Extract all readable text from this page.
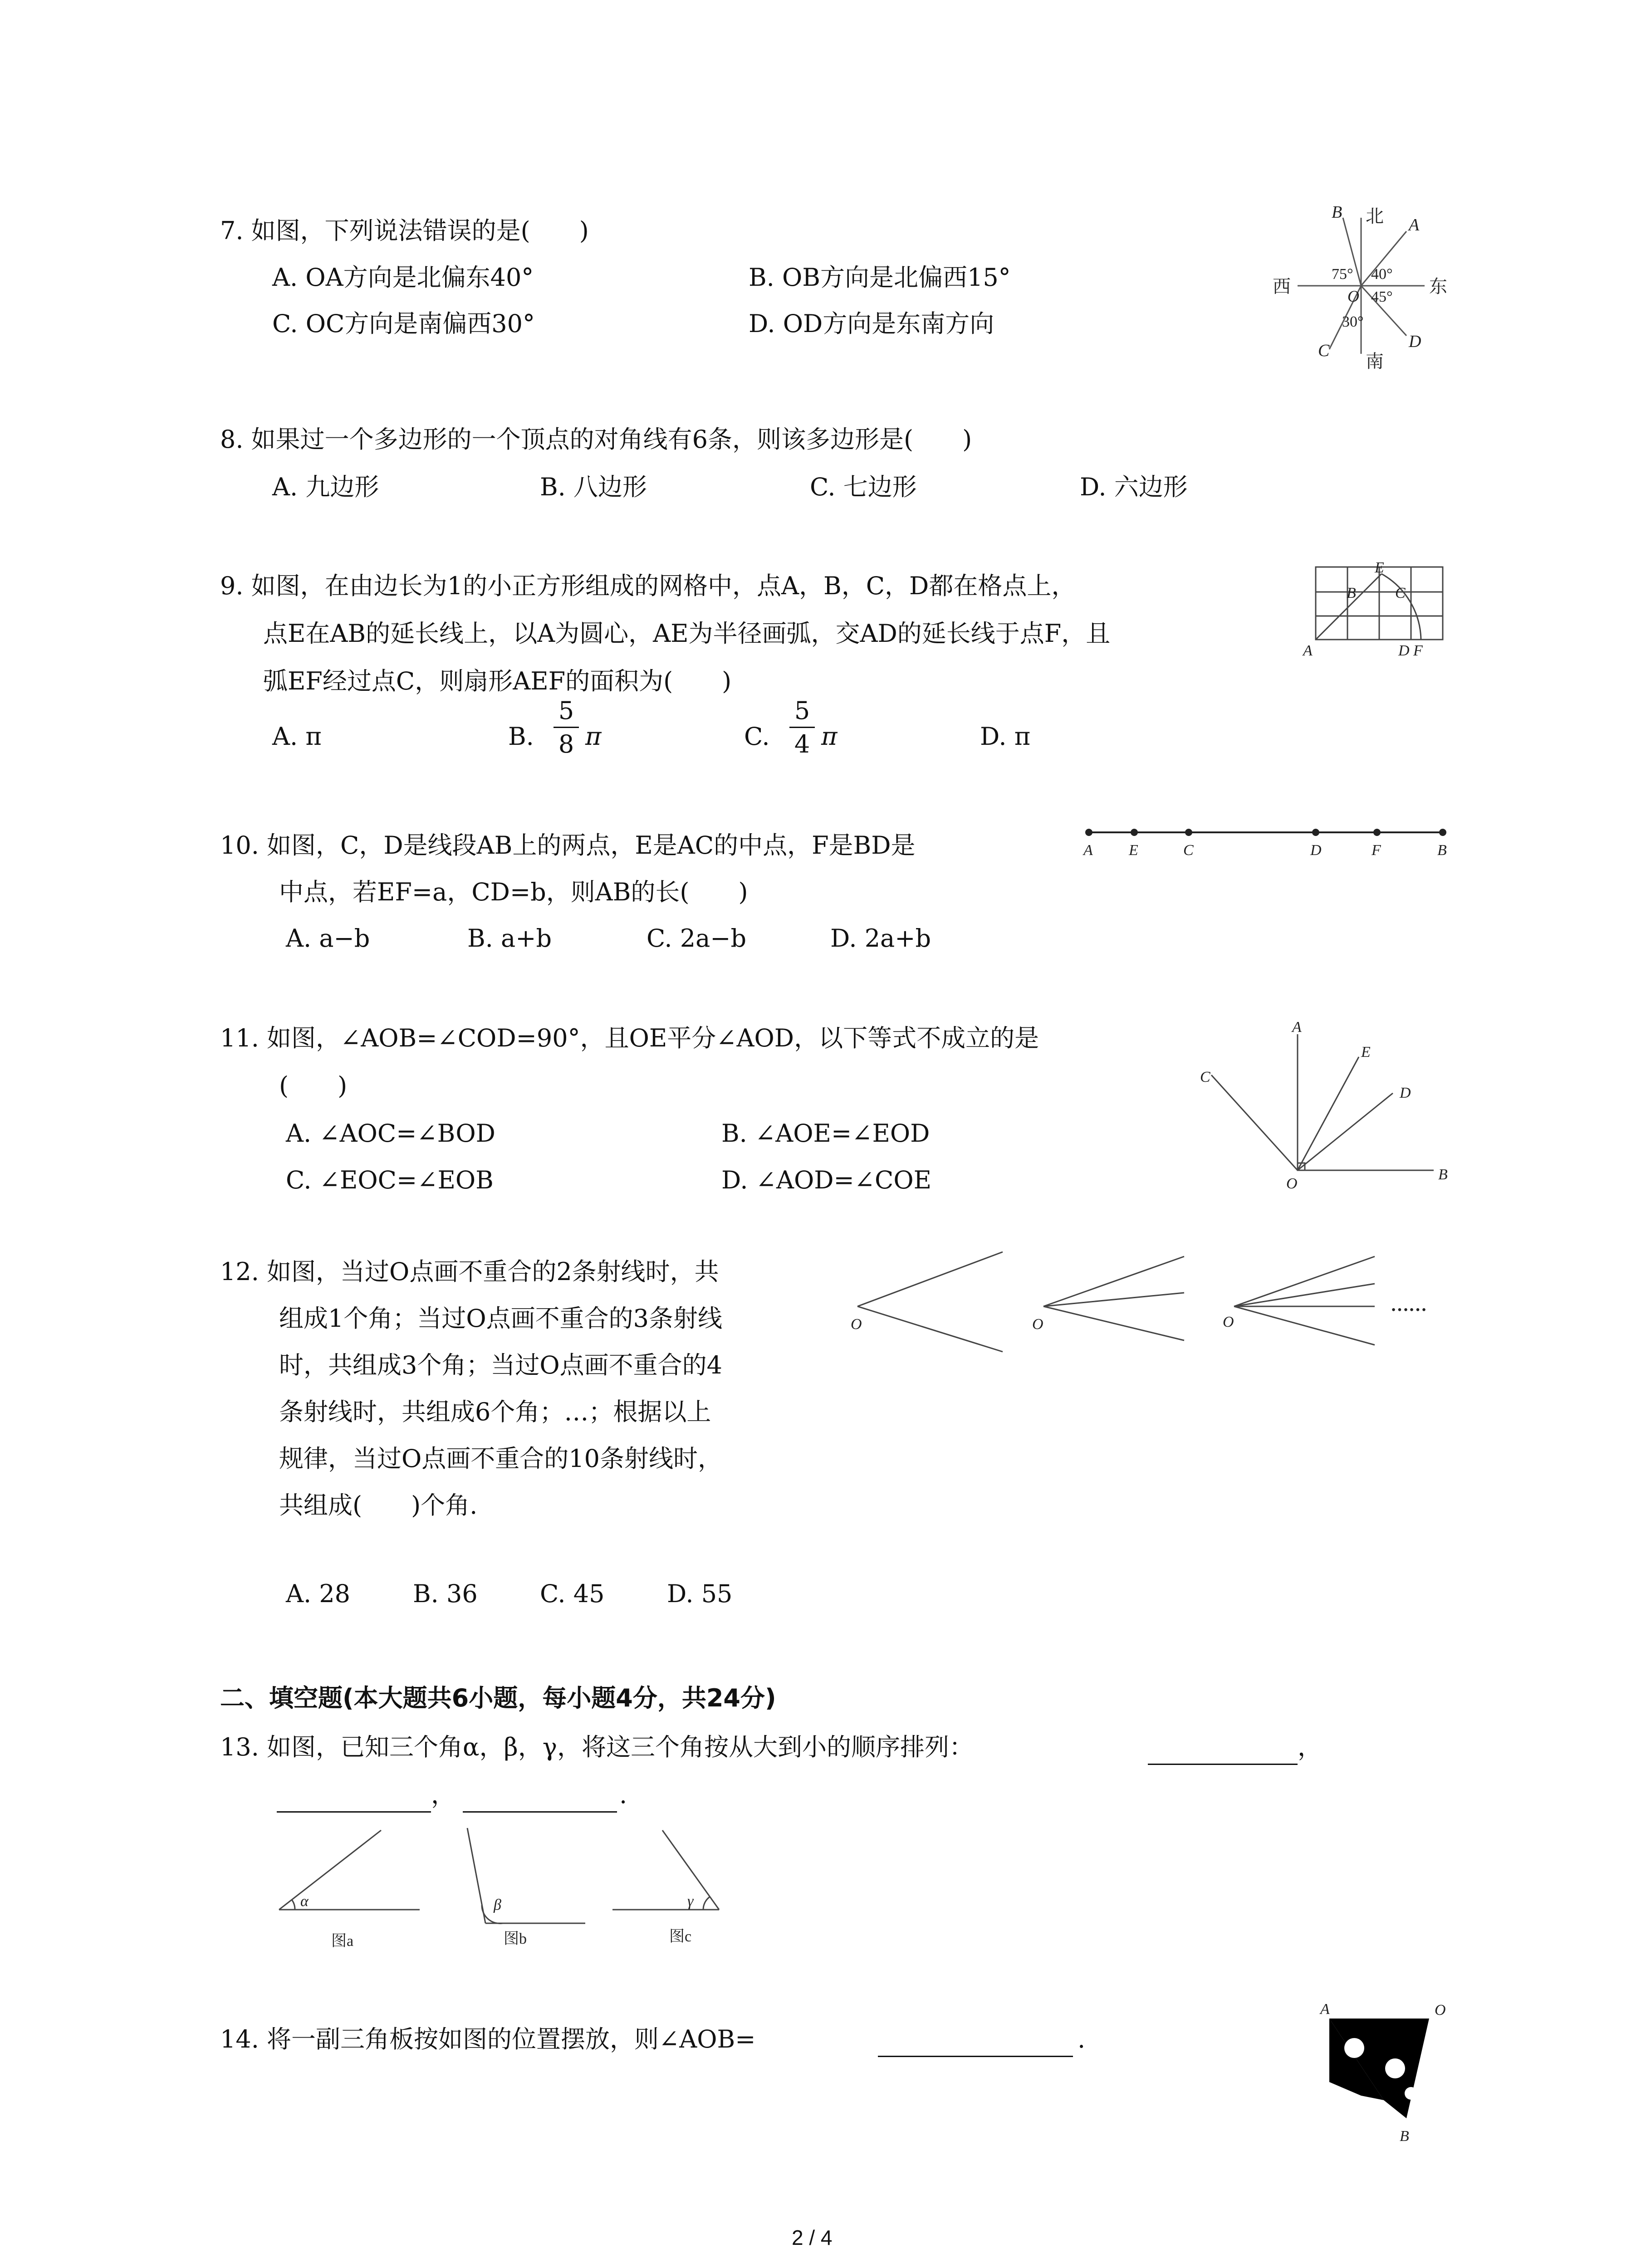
7. 如图，下列说法错误的是(　　)
A. OA方向是北偏东40°	B. OB方向是北偏西15°
C. OC方向是南偏西30°	D. OD方向是东南方向
北
南
东
西
75° 40°
45°
30°
O
A
B
C	D
8. 如果过一个多边形的一个顶点的对角线有6条，则该多边形是(　　)
A. 九边形	B. 八边形	C. 七边形	D. 六边形
9. 如图，在由边长为1的小正方形组成的网格中，点A，B，C，D都在格点上，
点E在AB的延长线上，以A为圆心，AE为半径画弧，交AD的延长线于点F，且
弧EF经过点C，则扇形AEF的面积为(　　)
A. π	B.
5
8 π	C.
5
4 π	D. π
A
B	C
D
E
F
10. 如图，C，D是线段AB上的两点，E是AC的中点，F是BD是
中点，若EF=a，CD=b，则AB的长(　　)
A. a−b	B. a+b	C. 2a−b	D. 2a+b
A E	C	D	F	B
11. 如图，∠AOB=∠COD=90°，且OE平分∠AOD，以下等式不成立的是
(　　)
A. ∠AOC=∠BOD	B. ∠AOE=∠EOD
C. ∠EOC=∠EOB	D. ∠AOD=∠COE
A
B
C
D
E
O
12. 如图，当过O点画不重合的2条射线时，共
组成1个角；当过O点画不重合的3条射线
时，共组成3个角；当过O点画不重合的4
条射线时，共组成6个角；…；根据以上
规律，当过O点画不重合的10条射线时，
共组成(　　)个角.
A. 28	B. 36	C. 45	D. 55
O	O	O
……
二、填空题(本大题共6小题，每小题4分，共24分)
13. 如图，已知三个角α，β，γ，将这三个角按从大到小的顺序排列：	，
，	.
α	β	γ
图a	图b	图c
14. 将一副三角板按如图的位置摆放，则∠AOB=	.
A	O
B
2 / 4
